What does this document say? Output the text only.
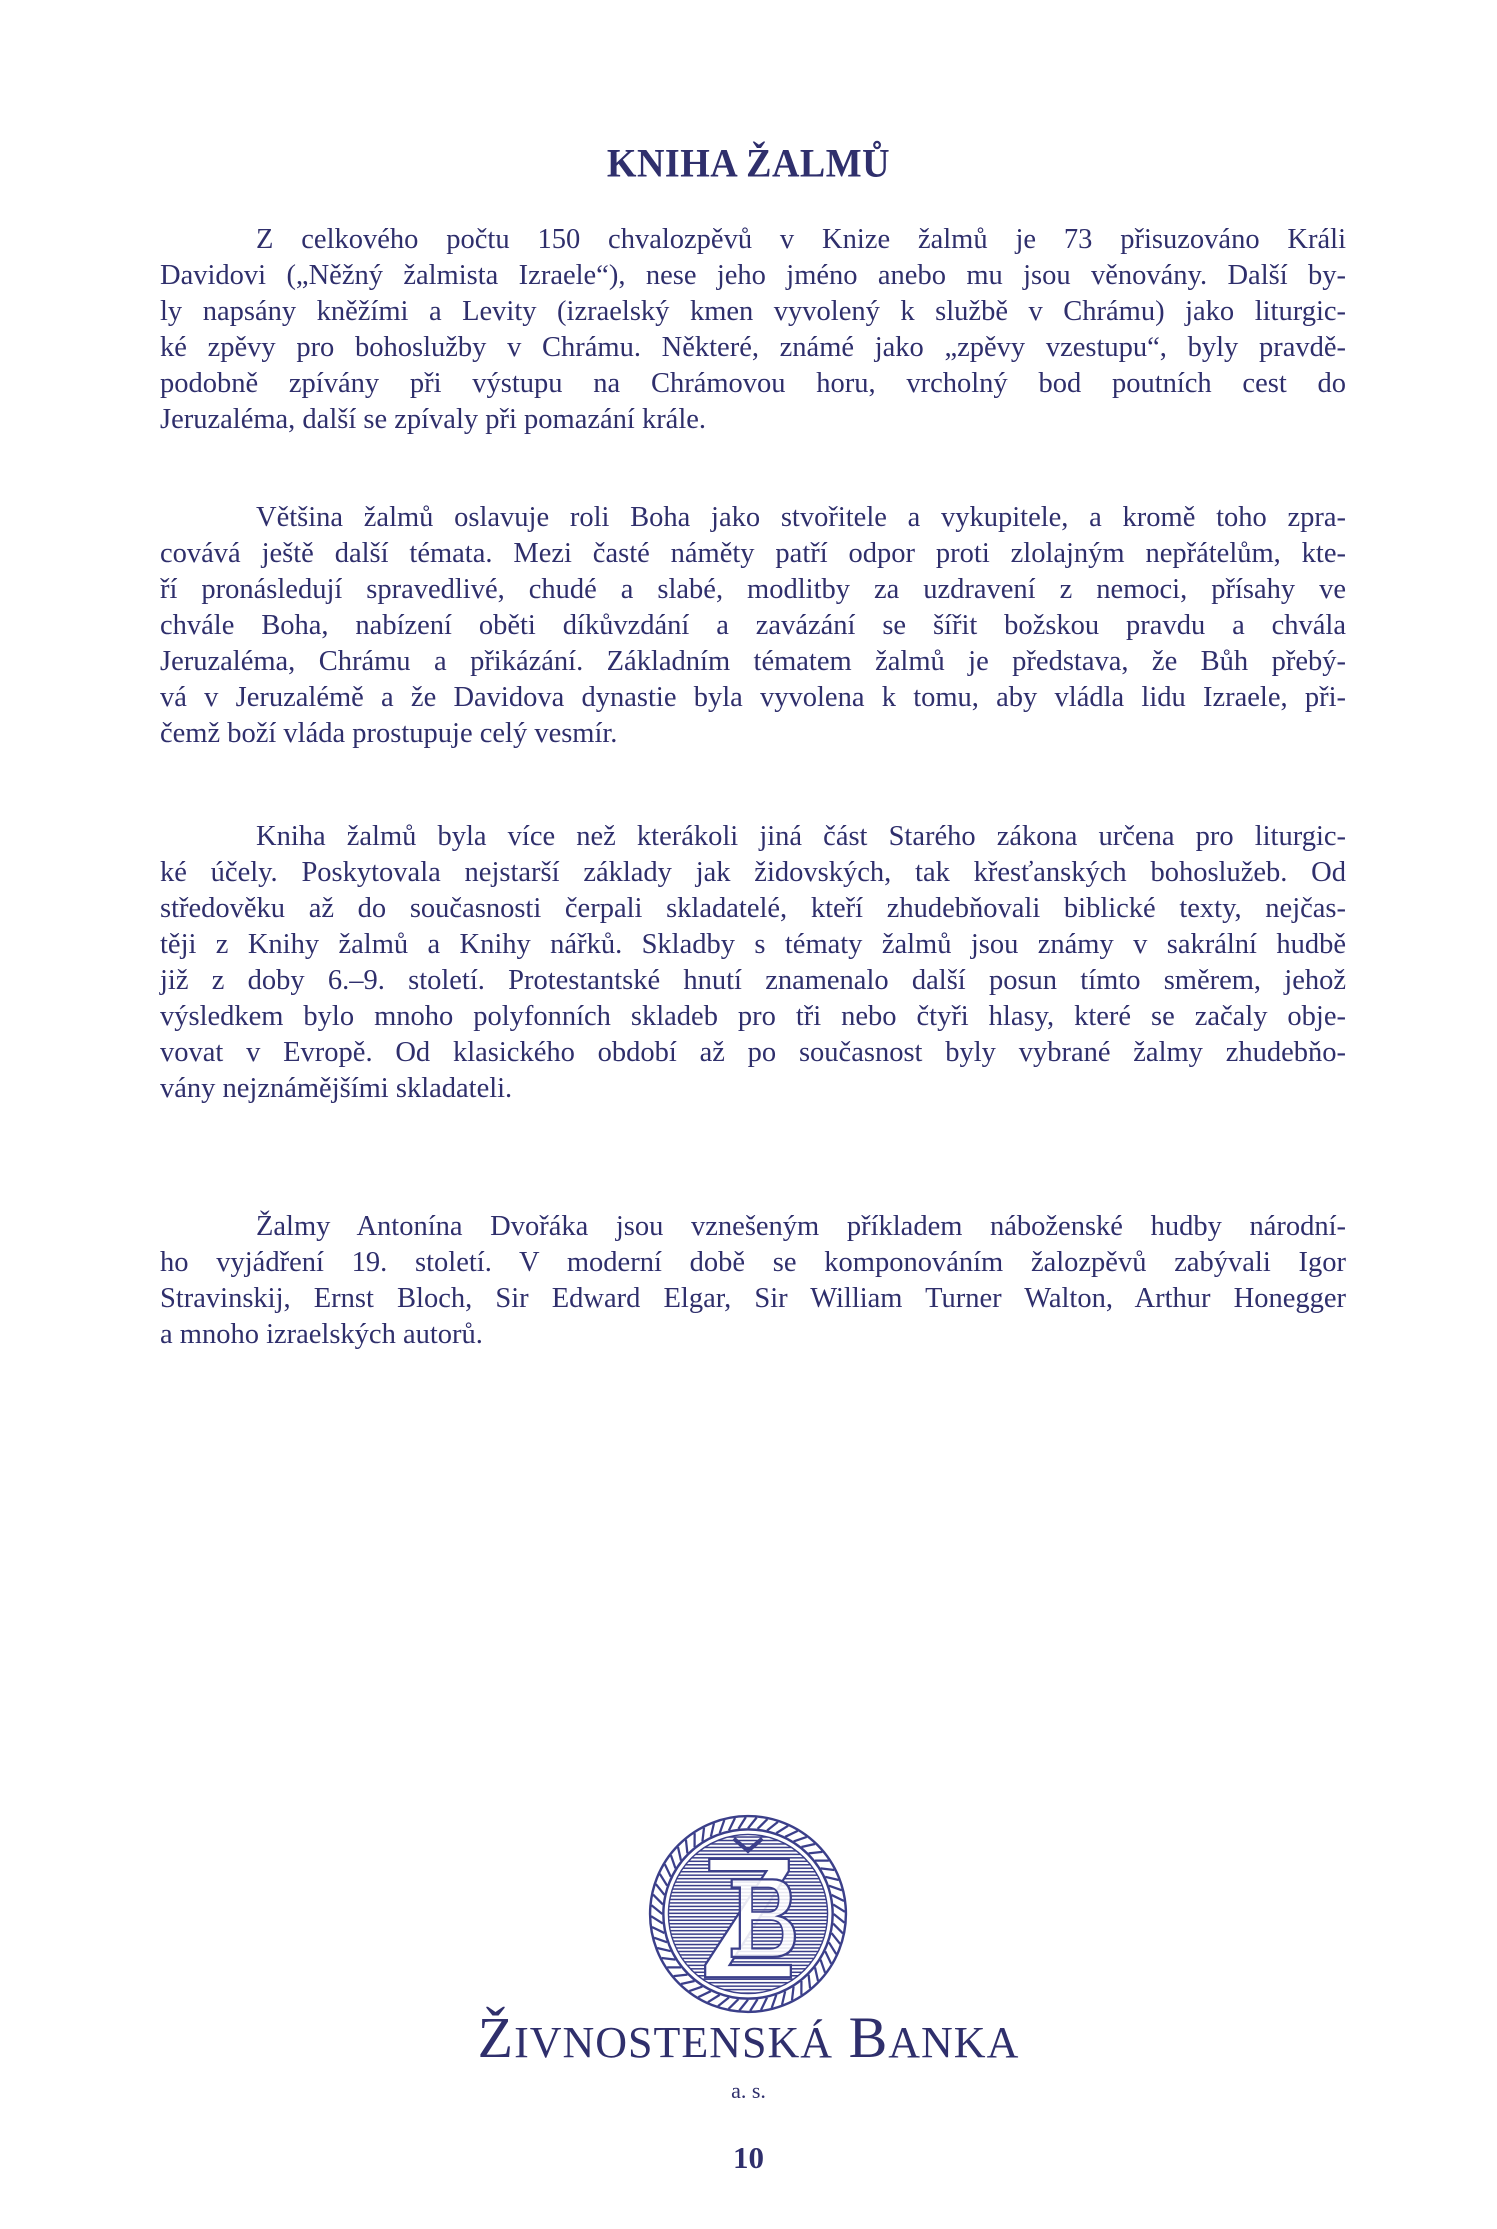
KNIHA ŽALMŮ
Z celkového počtu 150 chvalozpěvů v Knize žalmů je 73 přisuzováno Králi
Davidovi („Něžný žalmista Izraele“), nese jeho jméno anebo mu jsou věnovány. Další by-
ly napsány kněžími a Levity (izraelský kmen vyvolený k službě v Chrámu) jako liturgic-
ké zpěvy pro bohoslužby v Chrámu. Některé, známé jako „zpěvy vzestupu“, byly pravdě-
podobně zpívány při výstupu na Chrámovou horu, vrcholný bod poutních cest do
Jeruzaléma, další se zpívaly při pomazání krále.
Většina žalmů oslavuje roli Boha jako stvořitele a vykupitele, a kromě toho zpra-
covává ještě další témata. Mezi časté náměty patří odpor proti zlolajným nepřátelům, kte-
ří pronásledují spravedlivé, chudé a slabé, modlitby za uzdravení z nemoci, přísahy ve
chvále Boha, nabízení oběti díkůvzdání a zavázání se šířit božskou pravdu a chvála
Jeruzaléma, Chrámu a přikázání. Základním tématem žalmů je představa, že Bůh přebý-
vá v Jeruzalémě a že Davidova dynastie byla vyvolena k tomu, aby vládla lidu Izraele, při-
čemž boží vláda prostupuje celý vesmír.
Kniha žalmů byla více než kterákoli jiná část Starého zákona určena pro liturgic-
ké účely. Poskytovala nejstarší základy jak židovských, tak křesťanských bohoslužeb. Od
středověku až do současnosti čerpali skladatelé, kteří zhudebňovali biblické texty, nejčas-
těji z Knihy žalmů a Knihy nářků. Skladby s tématy žalmů jsou známy v sakrální hudbě
již z doby 6.–9. století. Protestantské hnutí znamenalo další posun tímto směrem, jehož
výsledkem bylo mnoho polyfonních skladeb pro tři nebo čtyři hlasy, které se začaly obje-
vovat v Evropě. Od klasického období až po současnost byly vybrané žalmy zhudebňo-
vány nejznámějšími skladateli.
Žalmy Antonína Dvořáka jsou vznešeným příkladem náboženské hudby národní-
ho vyjádření 19. století. V moderní době se komponováním žalozpěvů zabývali Igor
Stravinskij, Ernst Bloch, Sir Edward Elgar, Sir William Turner Walton, Arthur Honegger
a mnoho izraelských autorů.
ŽIVNOSTENSKÁ BANKA
a. s.
10
